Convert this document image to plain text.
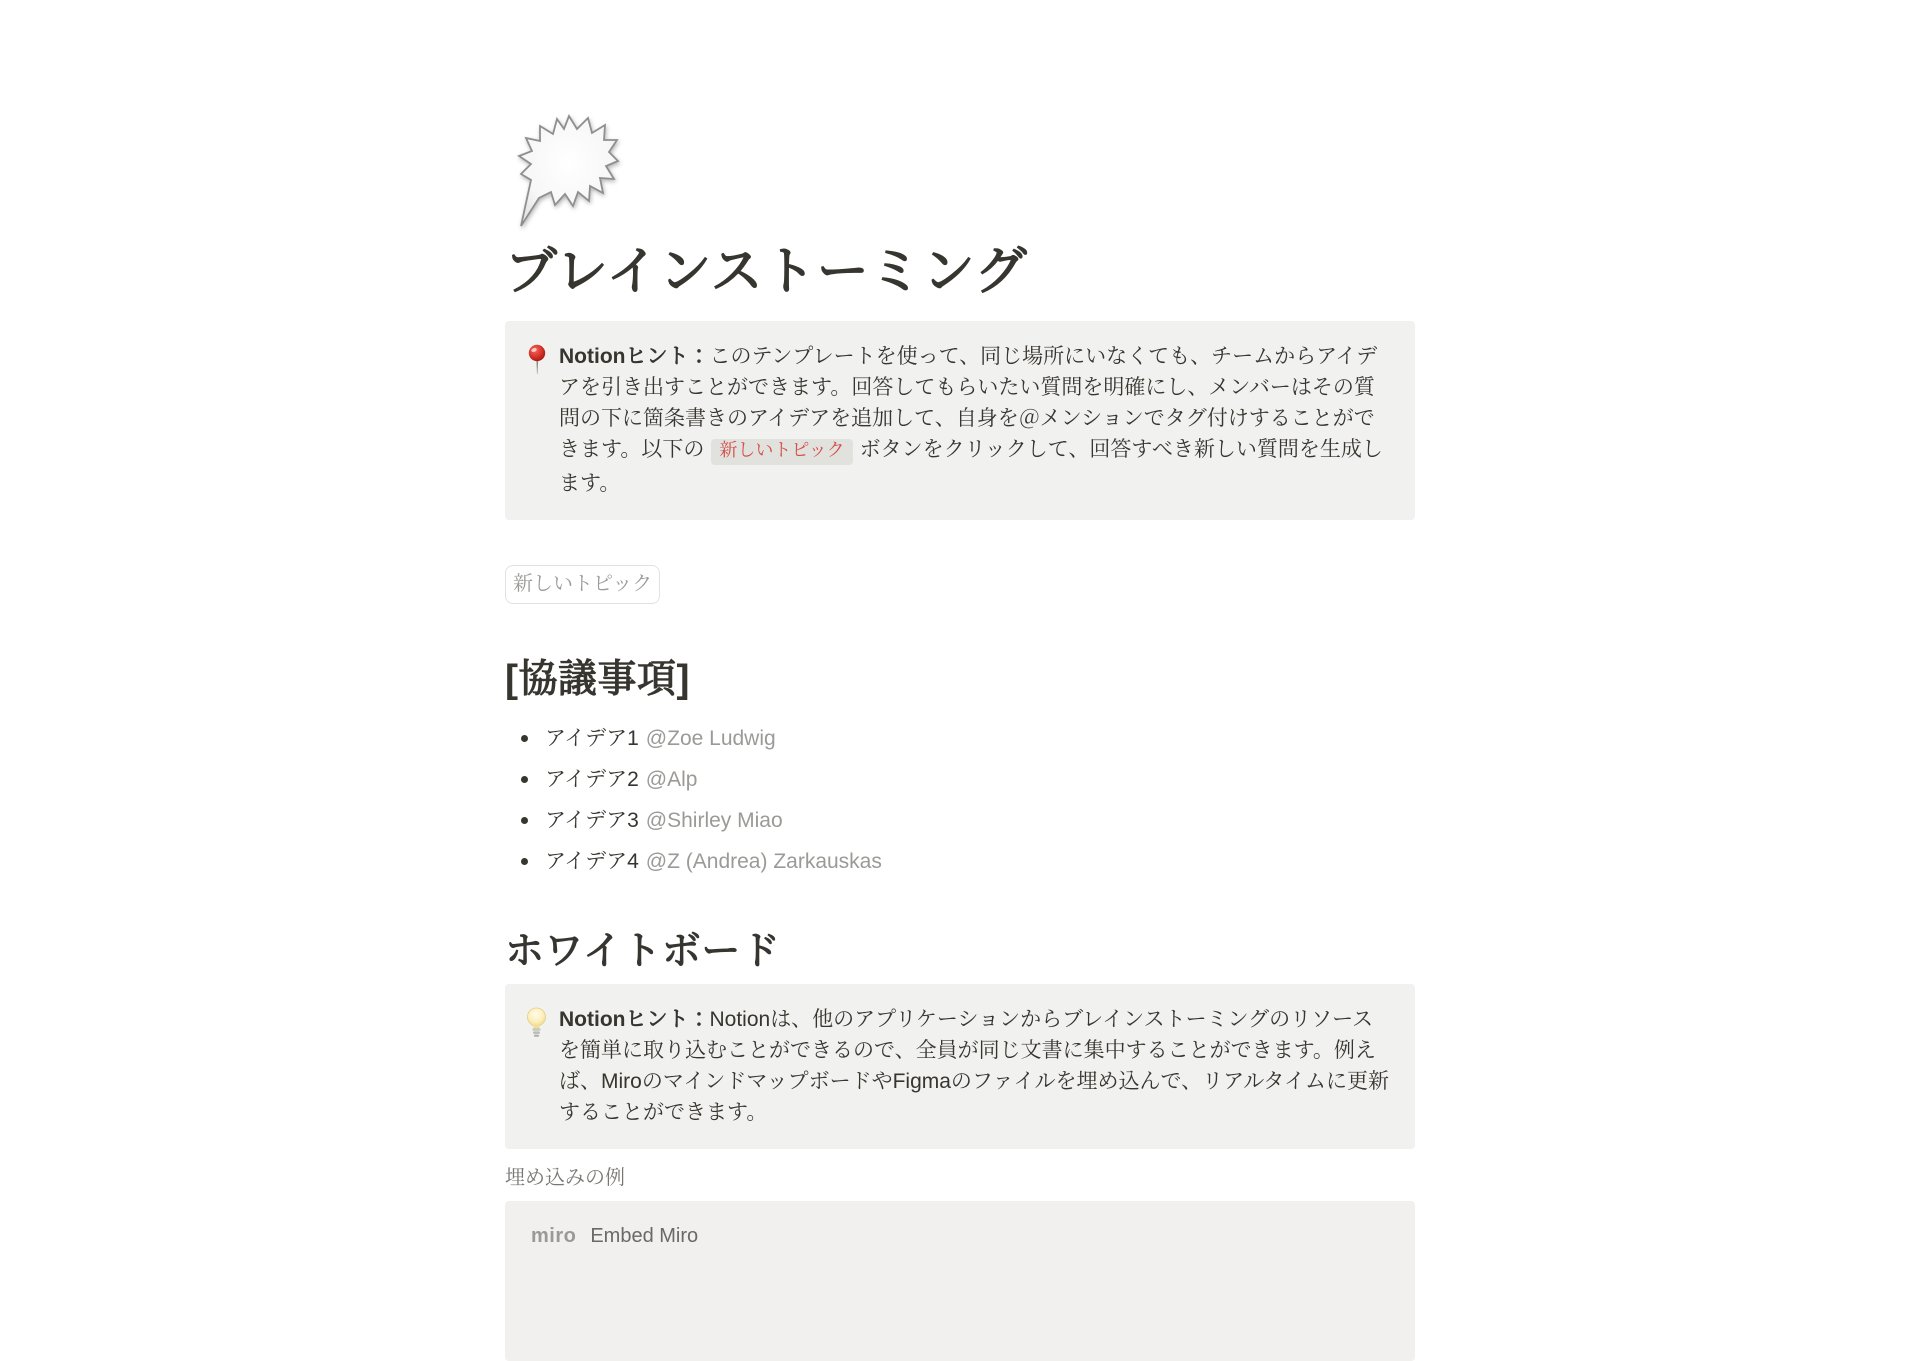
ブレインストーミング
Notionヒント：このテンプレートを使って、同じ場所にいなくても、チームからアイデアを引き出すことができます。回答してもらいたい質問を明確にし、メンバーはその質問の下に箇条書きのアイデアを追加して、自身を＠メンションでタグ付けすることができます。以下の 新しいトピック ボタンをクリックして、回答すべき新しい質問を生成します。
新しいトピック
[協議事項]
アイデア1 @Zoe Ludwig
アイデア2 @Alp
アイデア3 @Shirley Miao
アイデア4 @Z (Andrea) Zarkauskas
ホワイトボード
Notionヒント：Notionは、他のアプリケーションからブレインストーミングのリソースを簡単に取り込むことができるので、全員が同じ文書に集中することができます。例えば、MiroのマインドマップボードやFigmaのファイルを埋め込んで、リアルタイムに更新することができます。
埋め込みの例
miro Embed Miro
